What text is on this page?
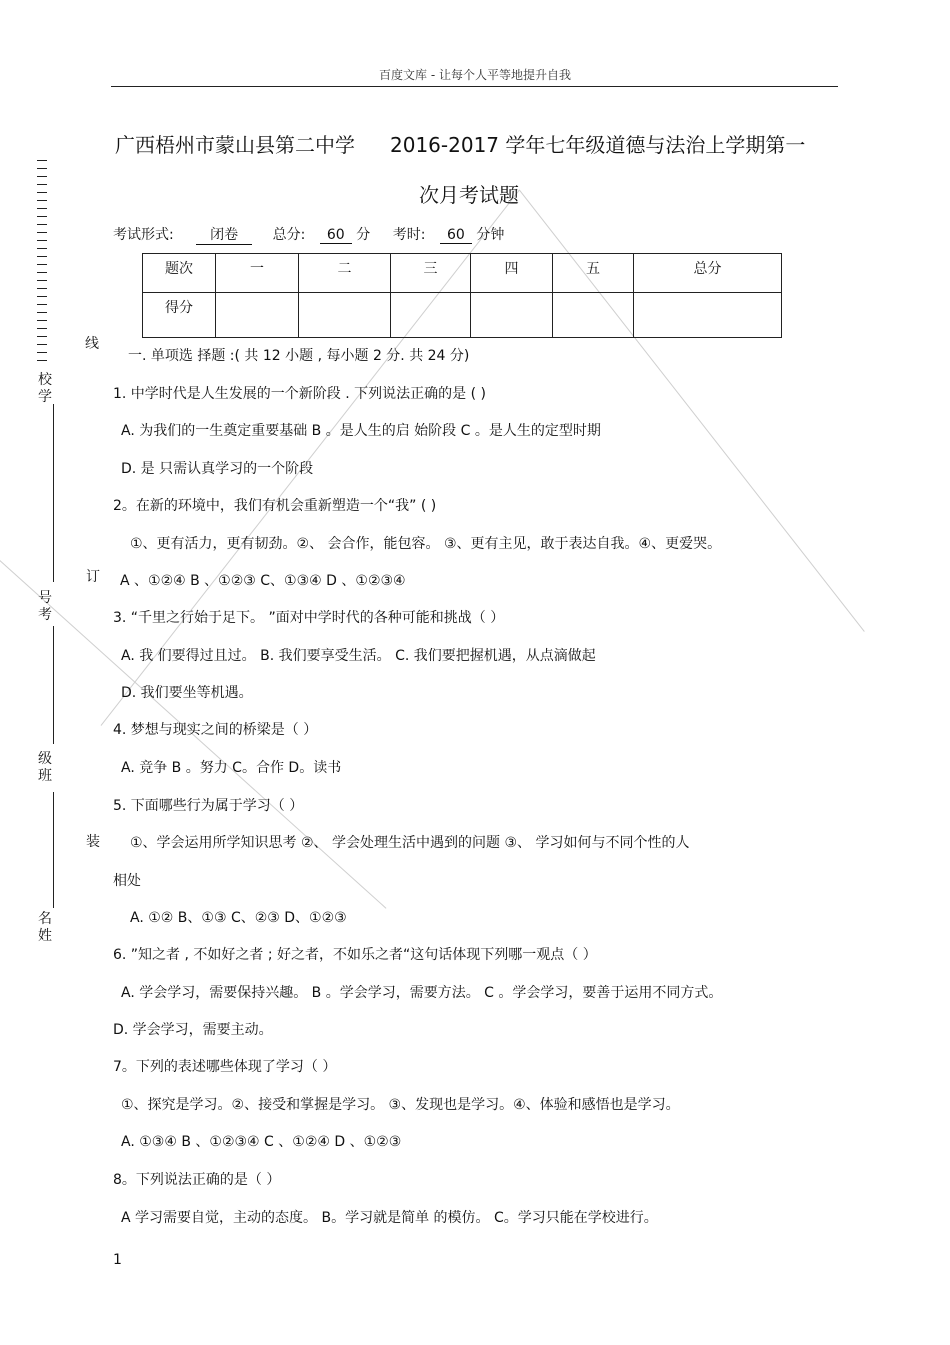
百度文库 - 让每个人平等地提升自我
广西梧州市蒙山县第二中学 2016-2017 学年七年级道德与法治上学期第一
次月考试题
考试形式:	闭卷 总分: 60 分 考时: 60 分钟
题次	一	二	三	四	五	总分
得分						
线
订
装
校学
号考
级班
名姓
一. 单项选 择题 :( 共 12 小题 , 每小题 2 分. 共 24 分)
1. 中学时代是人生发展的一个新阶段 . 下列说法正确的是 ( )
A. 为我们的一生奠定重要基础 B 。是人生的启 始阶段 C 。是人生的定型时期
D. 是 只需认真学习的一个阶段
2。在新的环境中，我们有机会重新塑造一个“我” ( )
①、更有活力，更有韧劲。②、 会合作，能包容。 ③、更有主见，敢于表达自我。④、更爱哭。
A 、①②④ B 、①②③ C、①③④ D 、①②③④
3. “千里之行始于足下。 ”面对中学时代的各种可能和挑战（ ）
A. 我 们要得过且过。 B. 我们要享受生活。 C. 我们要把握机遇，从点滴做起
D. 我们要坐等机遇。
4. 梦想与现实之间的桥梁是（ ）
A. 竞争 B 。努力 C。合作 D。读书
5. 下面哪些行为属于学习（ ）
①、学会运用所学知识思考 ②、 学会处理生活中遇到的问题 ③、 学习如何与不同个性的人
相处
A. ①② B、①③ C、②③ D、①②③
6. ”知之者 , 不如好之者 ; 好之者，不如乐之者“这句话体现下列哪一观点（ ）
A. 学会学习，需要保持兴趣。 B 。学会学习，需要方法。 C 。学会学习，要善于运用不同方式。
D. 学会学习，需要主动。
7。下列的表述哪些体现了学习（ ）
①、探究是学习。②、接受和掌握是学习。 ③、发现也是学习。④、体验和感悟也是学习。
A. ①③④ B 、①②③④ C 、①②④ D 、①②③
8。下列说法正确的是（ ）
A 学习需要自觉，主动的态度。 B。学习就是简单 的模仿。 C。学习只能在学校进行。
1
